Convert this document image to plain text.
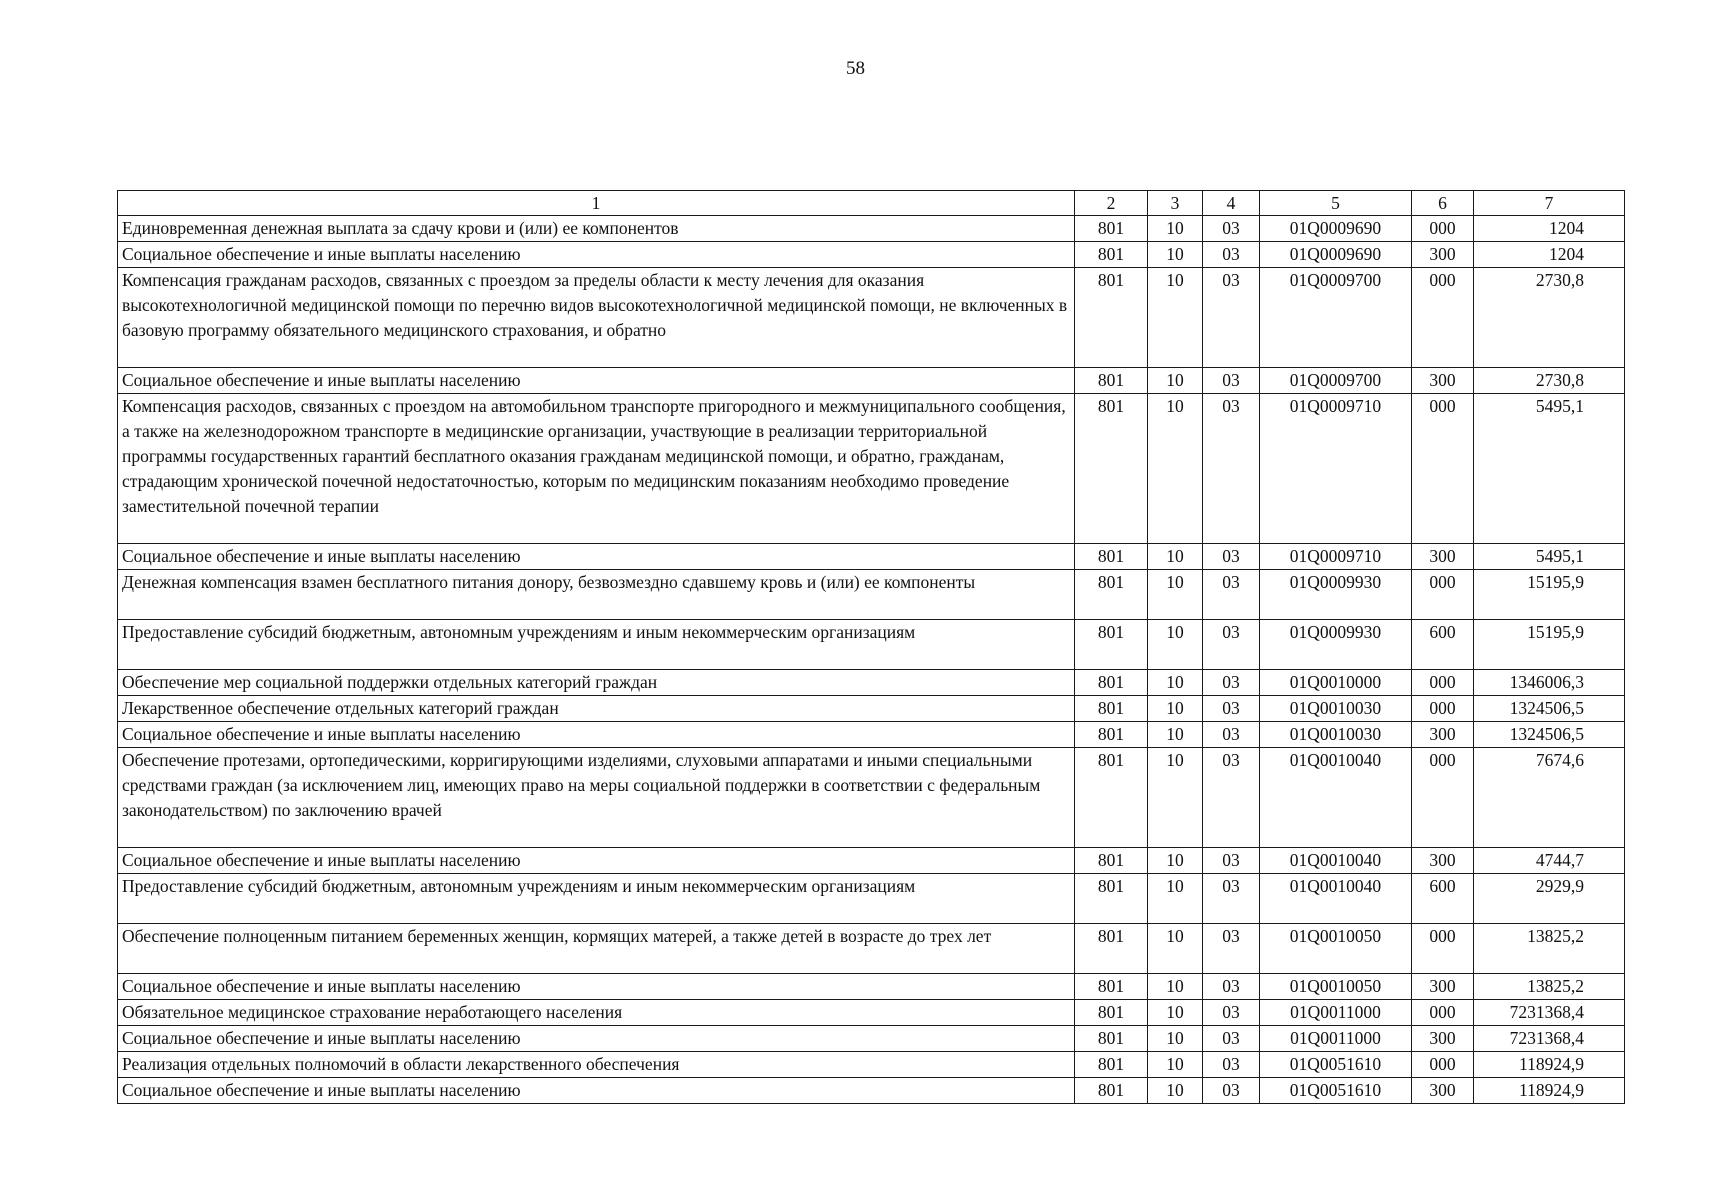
58
1	2	3	4	5	6	7
Единовременная денежная выплата за сдачу крови и (или) ее компонентов	801	10	03	01Q0009690	000	1204
Социальное обеспечение и иные выплаты населению	801	10	03	01Q0009690	300	1204
Компенсация гражданам расходов, связанных с проездом за пределы области к месту лечения для оказания высокотехнологичной медицинской помощи по перечню видов высокотехнологичной медицинской помощи, не включенных в базовую программу обязательного медицинского страхования, и обратно	801	10	03	01Q0009700	000	2730,8
Социальное обеспечение и иные выплаты населению	801	10	03	01Q0009700	300	2730,8
Компенсация расходов, связанных с проездом на автомобильном транспорте пригородного и межмуниципального сообщения, а также на железнодорожном транспорте в медицинские организации, участвующие в реализации территориальной программы государственных гарантий бесплатного оказания гражданам медицинской помощи, и обратно, гражданам, страдающим хронической почечной недостаточностью, которым по медицинским показаниям необходимо проведение заместительной почечной терапии	801	10	03	01Q0009710	000	5495,1
Социальное обеспечение и иные выплаты населению	801	10	03	01Q0009710	300	5495,1
Денежная компенсация взамен бесплатного питания донору, безвозмездно сдавшему кровь и (или) ее компоненты	801	10	03	01Q0009930	000	15195,9
Предоставление субсидий бюджетным, автономным учреждениям и иным некоммерческим организациям	801	10	03	01Q0009930	600	15195,9
Обеспечение мер социальной поддержки отдельных категорий граждан	801	10	03	01Q0010000	000	1346006,3
Лекарственное обеспечение отдельных категорий граждан	801	10	03	01Q0010030	000	1324506,5
Социальное обеспечение и иные выплаты населению	801	10	03	01Q0010030	300	1324506,5
Обеспечение протезами, ортопедическими, корригирующими изделиями, слуховыми аппаратами и иными специальными средствами граждан (за исключением лиц, имеющих право на меры социальной поддержки в соответствии с федеральным законодательством) по заключению врачей	801	10	03	01Q0010040	000	7674,6
Социальное обеспечение и иные выплаты населению	801	10	03	01Q0010040	300	4744,7
Предоставление субсидий бюджетным, автономным учреждениям и иным некоммерческим организациям	801	10	03	01Q0010040	600	2929,9
Обеспечение полноценным питанием беременных женщин, кормящих матерей, а также детей в возрасте до трех лет	801	10	03	01Q0010050	000	13825,2
Социальное обеспечение и иные выплаты населению	801	10	03	01Q0010050	300	13825,2
Обязательное медицинское страхование неработающего населения	801	10	03	01Q0011000	000	7231368,4
Социальное обеспечение и иные выплаты населению	801	10	03	01Q0011000	300	7231368,4
Реализация отдельных полномочий в области лекарственного обеспечения	801	10	03	01Q0051610	000	118924,9
Социальное обеспечение и иные выплаты населению	801	10	03	01Q0051610	300	118924,9
